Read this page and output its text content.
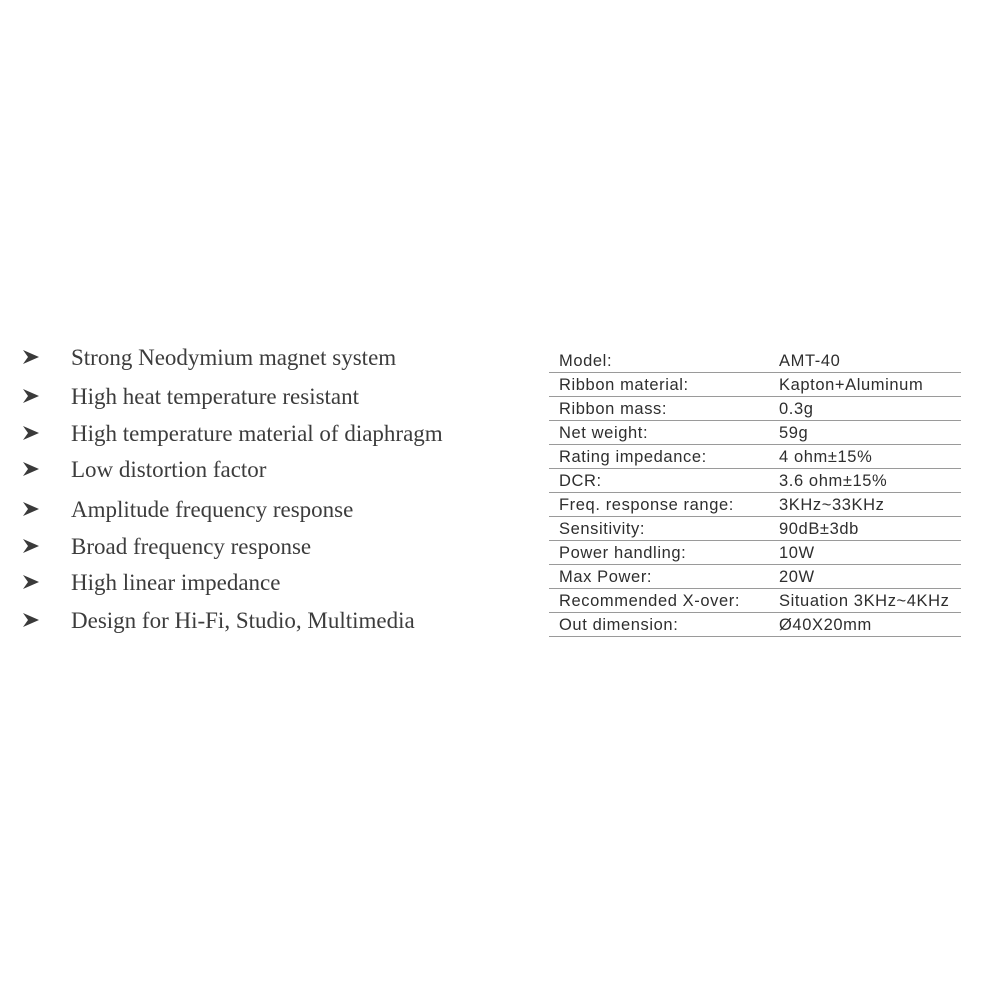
Strong Neodymium magnet system
High heat temperature resistant
High temperature material of diaphragm
Low distortion factor
Amplitude frequency response
Broad frequency response
High linear impedance
Design for Hi-Fi, Studio, Multimedia
Model:	AMT-40
Ribbon material:	Kapton+Aluminum
Ribbon mass:	0.3g
Net weight:	59g
Rating impedance:	4 ohm±15%
DCR:	3.6 ohm±15%
Freq. response range:	3KHz~33KHz
Sensitivity:	90dB±3db
Power handling:	10W
Max Power:	20W
Recommended X-over: Situation 3KHz~4KHz
Out dimension:	Ø40X20mm
